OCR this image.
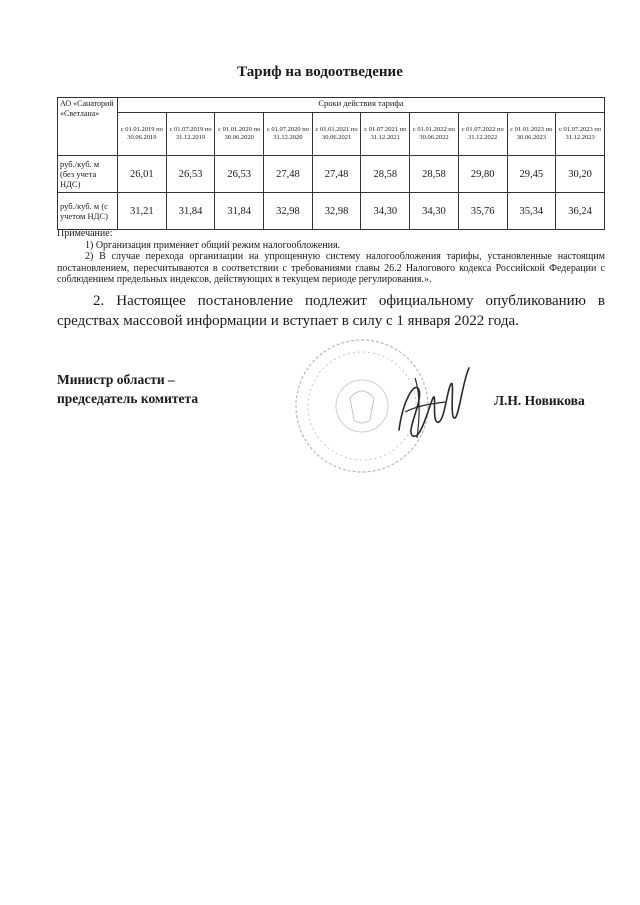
Тариф на водоотведение
АО «Санаторий «Светлана»	Сроки действия тарифа									
	с 01.01.2019 по 30.06.2019	с 01.07.2019 по 31.12.2019	с 01.01.2020 по 30.06.2020	с 01.07.2020 по 31.12.2020	с 01.01.2021 по 30.06.2021	с 01.07.2021 по 31.12.2021	с 01.01.2022 по 30.06.2022	с 01.07.2022 по 31.12.2022	с 01.01.2023 по 30.06.2023	с 01.07.2023 по 31.12.2023
руб./куб. м (без учета НДС)	26,01	26,53	26,53	27,48	27,48	28,58	28,58	29,80	29,45	30,20
руб./куб. м (с учетом НДС)	31,21	31,84	31,84	32,98	32,98	34,30	34,30	35,76	35,34	36,24

Примечание:

1) Организация применяет общий режим налогообложения.

2) В случае перехода организации на упрощенную систему налогообложения тарифы, установленные настоящим постановлением, пересчитываются в соответствии с требованиями главы 26.2 Налогового кодекса Российской Федерации с соблюдением предельных индексов, действующих в текущем периоде регулирования.».

2. Настоящее постановление подлежит официальному опубликованию в средствах массовой информации и вступает в силу с 1 января 2022 года.

Министр области –
председатель комитета	Л.Н. Новикова
